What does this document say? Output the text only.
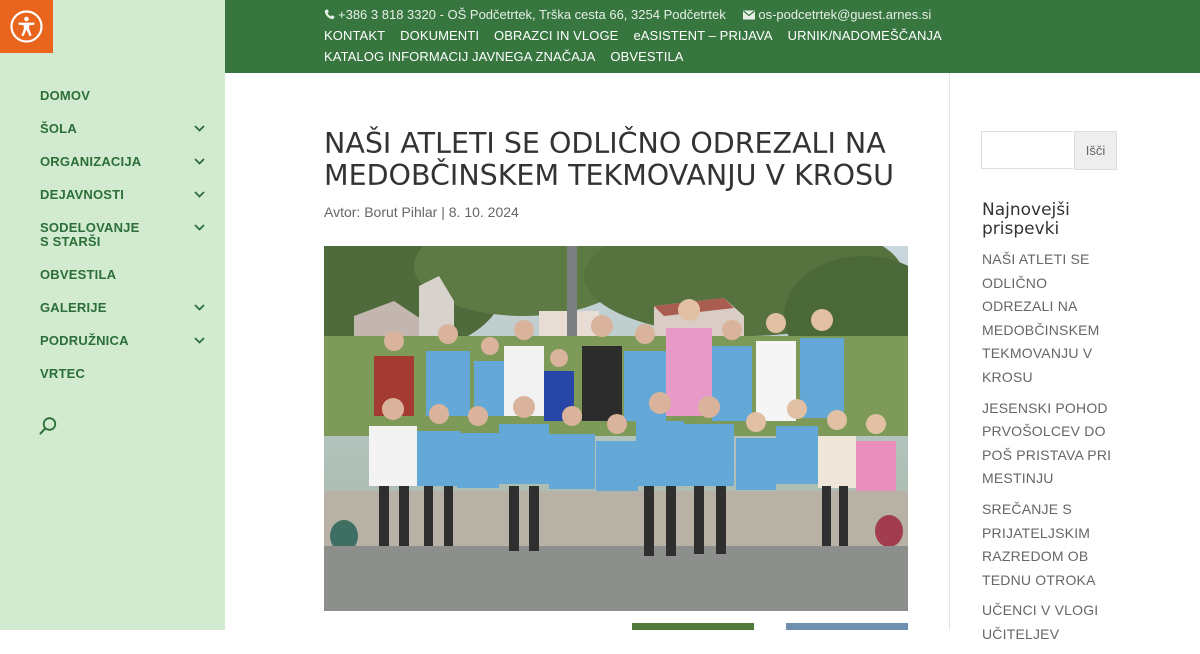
DOMOV
ŠOLA
ORGANIZACIJA
DEJAVNOSTI
SODELOVANJE S STARŠI
OBVESTILA
GALERIJE
PODRUŽNICA
VRTEC
+386 3 818 3320 - OŠ Podčetrtek, Trška cesta 66, 3254 Podčetrtek	os-podcetrtek@guest.arnes.si
KONTAKT DOKUMENTI OBRAZCI IN VLOGE eASISTENT – PRIJAVA URNIK/NADOMEŠČANJA
KATALOG INFORMACIJ JAVNEGA ZNAČAJA OBVESTILA
NAŠI ATLETI SE ODLIČNO ODREZALI NA MEDOBČINSKEM TEKMOVANJU V KROSU
Avtor: Borut Pihlar | 8. 10. 2024
Išči
Najnovejši prispevki
NAŠI ATLETI SE ODLIČNO ODREZALI NA MEDOBČINSKEM TEKMOVANJU V KROSU
JESENSKI POHOD PRVOŠOLCEV DO POŠ PRISTAVA PRI MESTINJU
SREČANJE S PRIJATELJSKIM RAZREDOM OB TEDNU OTROKA
UČENCI V VLOGI UČITELJEV
